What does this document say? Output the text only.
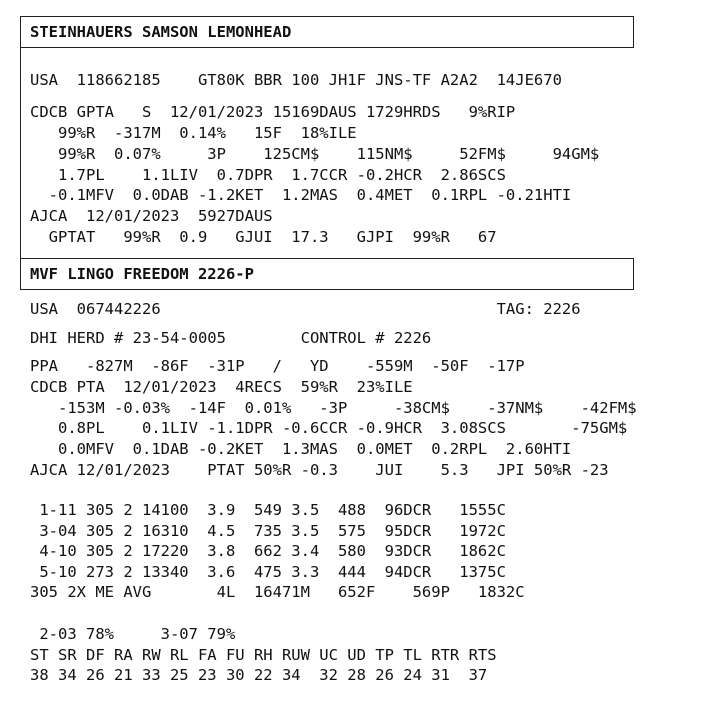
STEINHAUERS SAMSON LEMONHEAD
USA  118662185    GT80K BBR 100 JH1F JNS-TF A2A2  14JE670
CDCB GPTA   S  12/01/2023 15169DAUS 1729HRDS   9%RIP
99%R  -317M  0.14%   15F  18%ILE
99%R  0.07%     3P    125CM$    115NM$     52FM$     94GM$
1.7PL    1.1LIV  0.7DPR  1.7CCR -0.2HCR  2.86SCS
-0.1MFV  0.0DAB -1.2KET  1.2MAS  0.4MET  0.1RPL -0.21HTI
AJCA  12/01/2023  5927DAUS
GPTAT   99%R  0.9   GJUI  17.3   GJPI  99%R   67
MVF LINGO FREEDOM 2226-P
USA  067442226                                    TAG: 2226
DHI HERD # 23-54-0005        CONTROL # 2226
PPA   -827M  -86F  -31P   /   YD    -559M  -50F  -17P
CDCB PTA  12/01/2023  4RECS  59%R  23%ILE
-153M -0.03%  -14F  0.01%   -3P     -38CM$    -37NM$    -42FM$
0.8PL    0.1LIV -1.1DPR -0.6CCR -0.9HCR  3.08SCS       -75GM$
0.0MFV  0.1DAB -0.2KET  1.3MAS  0.0MET  0.2RPL  2.60HTI
AJCA 12/01/2023    PTAT 50%R -0.3    JUI    5.3   JPI 50%R -23
1-11 305 2 14100  3.9  549 3.5  488  96DCR   1555C
3-04 305 2 16310  4.5  735 3.5  575  95DCR   1972C
4-10 305 2 17220  3.8  662 3.4  580  93DCR   1862C
5-10 273 2 13340  3.6  475 3.3  444  94DCR   1375C
305 2X ME AVG       4L  16471M   652F    569P   1832C
2-03 78%     3-07 79%
ST SR DF RA RW RL FA FU RH RUW UC UD TP TL RTR RTS
38 34 26 21 33 25 23 30 22 34  32 28 26 24 31  37
